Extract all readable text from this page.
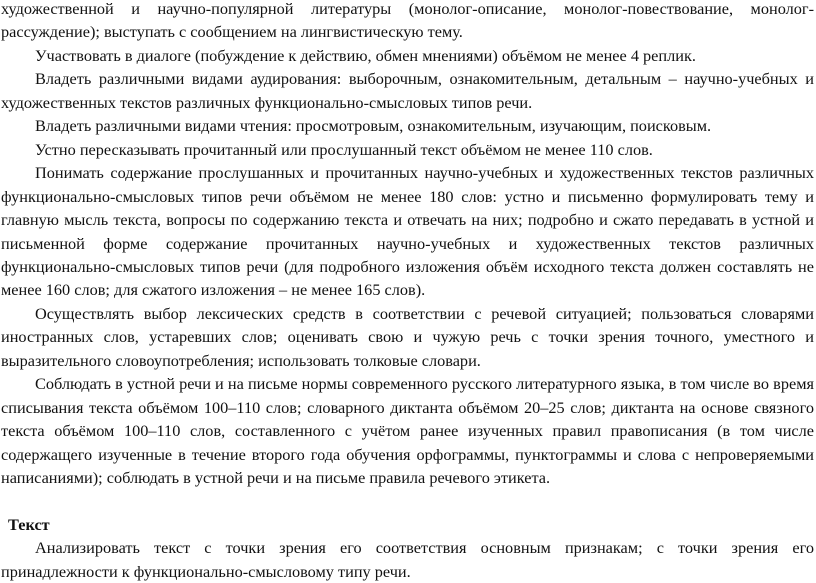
художественной и научно-популярной литературы (монолог-описание, монолог-повествование, монолог-рассуждение); выступать с сообщением на лингвистическую тему.

Участвовать в диалоге (побуждение к действию, обмен мнениями) объёмом не менее 4 реплик.

Владеть различными видами аудирования: выборочным, ознакомительным, детальным – научно-учебных и художественных текстов различных функционально-смысловых типов речи.

Владеть различными видами чтения: просмотровым, ознакомительным, изучающим, поисковым.

Устно пересказывать прочитанный или прослушанный текст объёмом не менее 110 слов.

Понимать содержание прослушанных и прочитанных научно-учебных и художественных текстов различных функционально-смысловых типов речи объёмом не менее 180 слов: устно и письменно формулировать тему и главную мысль текста, вопросы по содержанию текста и отвечать на них; подробно и сжато передавать в устной и письменной форме содержание прочитанных научно-учебных и художественных текстов различных функционально-смысловых типов речи (для подробного изложения объём исходного текста должен составлять не менее 160 слов; для сжатого изложения – не менее 165 слов).

Осуществлять выбор лексических средств в соответствии с речевой ситуацией; пользоваться словарями иностранных слов, устаревших слов; оценивать свою и чужую речь с точки зрения точного, уместного и выразительного словоупотребления; использовать толковые словари.

Соблюдать в устной речи и на письме нормы современного русского литературного языка, в том числе во время списывания текста объёмом 100–110 слов; словарного диктанта объёмом 20–25 слов; диктанта на основе связного текста объёмом 100–110 слов, составленного с учётом ранее изученных правил правописания (в том числе содержащего изученные в течение второго года обучения орфограммы, пунктограммы и слова с непроверяемыми написаниями); соблюдать в устной речи и на письме правила речевого этикета.

Текст

Анализировать текст с точки зрения его соответствия основным признакам; с точки зрения его принадлежности к функционально-смысловому типу речи.
